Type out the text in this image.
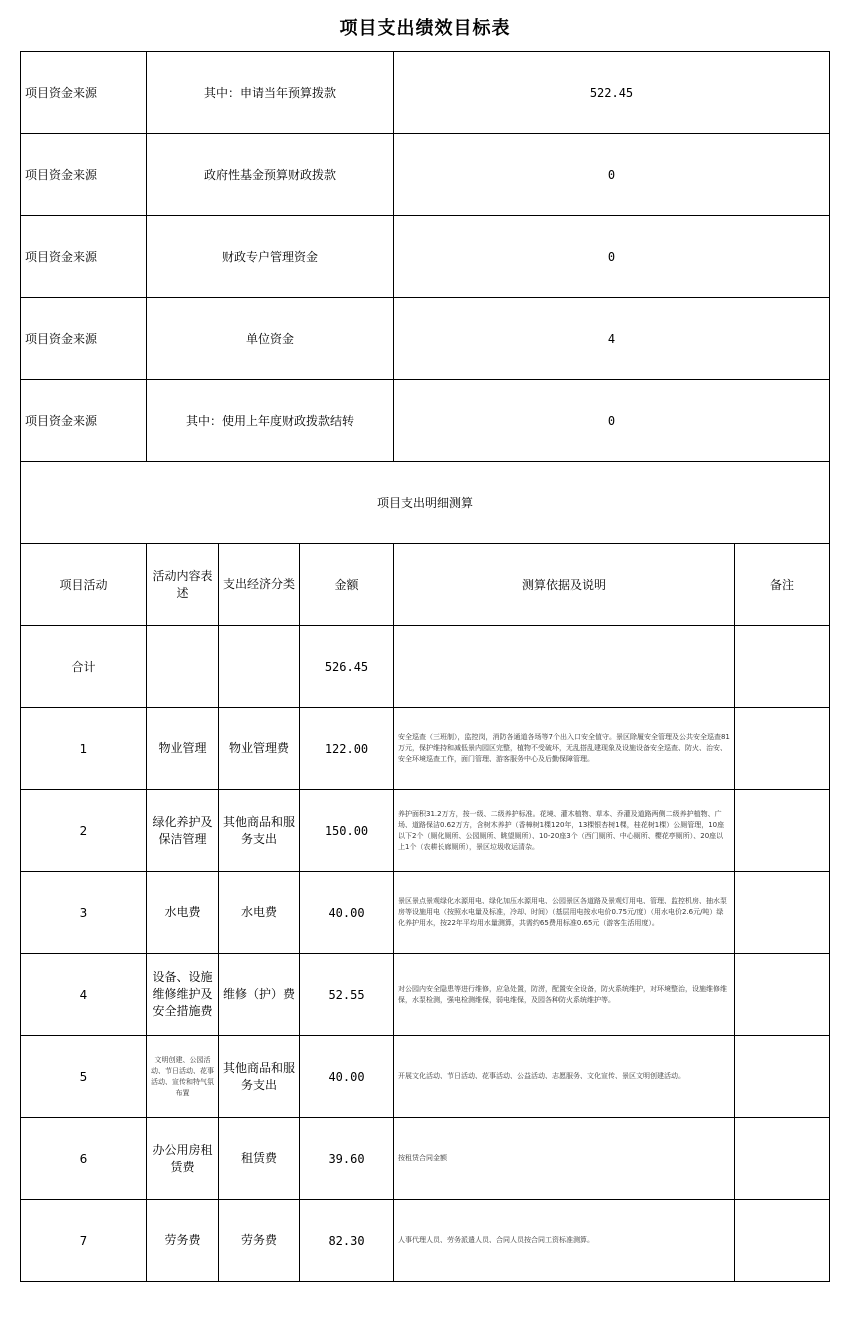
项目支出绩效目标表
项目资金来源	其中：申请当年预算拨款			522.45	
项目资金来源	政府性基金预算财政拨款			0	
项目资金来源	财政专户管理资金			0	
项目资金来源	单位资金			4	
项目资金来源	其中：使用上年度财政拨款结转			0	
项目支出明细测算					
项目活动	活动内容表述	支出经济分类	金额	测算依据及说明	备注
合计			526.45		
1	物业管理	物业管理费	122.00	安全巡查（三班制），监控岗，消防各通道各场等7个出入口安全值守。景区除履安全管理及公共安全巡查81万元，保护维持和减低景内园区完整，植物不受破坏，无乱搭乱建现象及设施设备安全巡查、防火、治安、安全环境巡查工作，面门管理、游客服务中心及后勤保障管理。	
2	绿化养护及保洁管理	其他商品和服务支出	150.00	养护面积31.2万方，按一级、二级养护标准。花境、灌木植物、草本、乔灌及道路两侧二级养护植物、广场、道路保洁0.62万方，含树木养护（香樟树1棵120年，13棵银杏树1棵，桂花树1棵）公厕管理，10座以下2个（厕化厕所、公园厕所、眺望厕所）、10-20座3个（西门厕所、中心厕所、樱花亭厕所）、20座以上1个（农耕长廊厕所），景区垃圾收运清杂。	
3	水电费	水电费	40.00	景区景点景观绿化水源用电、绿化加压水源用电、公园景区各道路及景观灯用电、管理、监控机房、抽水泵房等设施用电（按照水电量及标准，冷却、时间）（基层用电按水电价0.75元/度）（用水电价2.6元/吨）绿化养护用水，按22年平均用水量测算，共需约65费用标准0.65元（游客生活用度）。	
4	设备、设施维修维护及安全措施费	维修（护）费	52.55	对公园内安全隐患等进行维修，应急处置，防涝，配置安全设备，防火系统维护，对环境整治，设施维修维保，水泵检测，强电检测维保，弱电维保，及园各种防火系统维护等。	
5	文明创建、公园活动、节日活动、花事活动、宣传和特气氛布置	其他商品和服务支出	40.00	开展文化活动、节日活动、花事活动、公益活动、志愿服务、文化宣传、景区文明创建活动。	
6	办公用房租赁费	租赁费	39.60	按租赁合同金额	
7	劳务费	劳务费	82.30	人事代理人员、劳务派遣人员、合同人员按合同工资标准测算。	
